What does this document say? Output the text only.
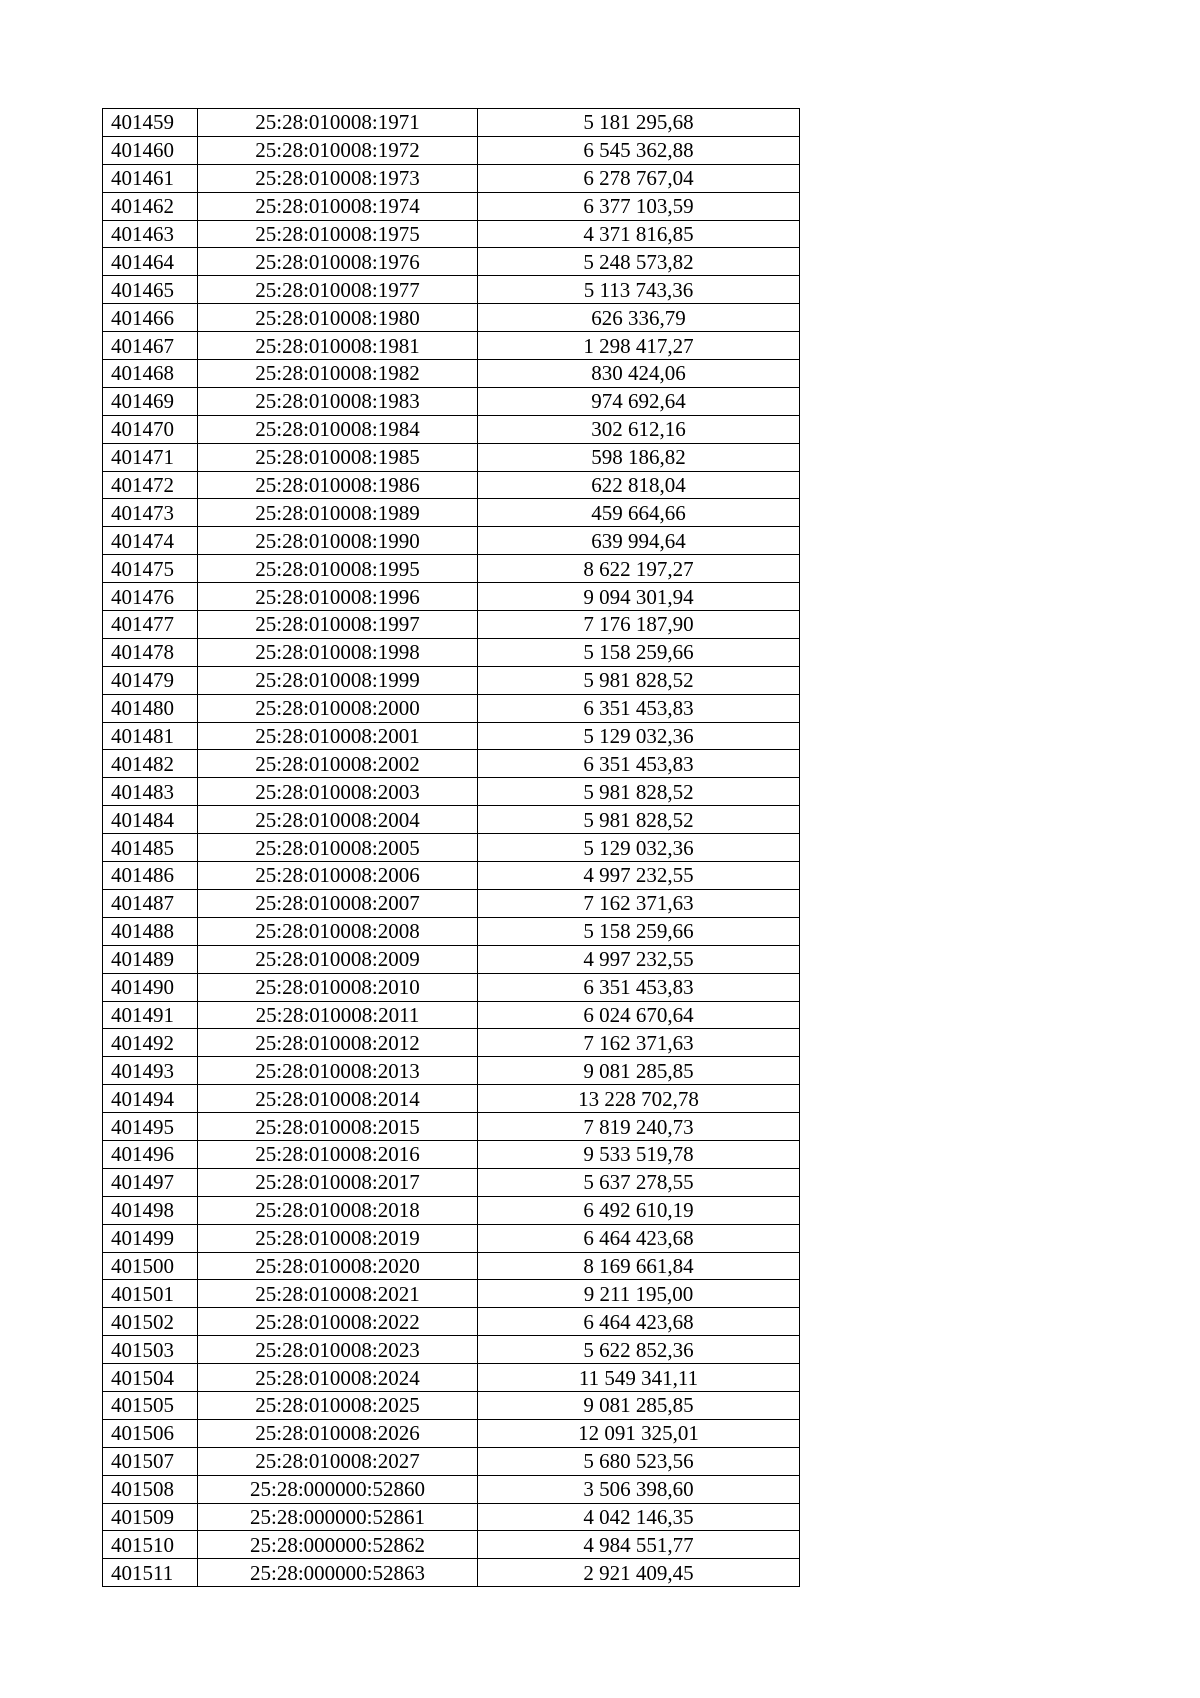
401459	25:28:010008:1971	5 181 295,68
401460	25:28:010008:1972	6 545 362,88
401461	25:28:010008:1973	6 278 767,04
401462	25:28:010008:1974	6 377 103,59
401463	25:28:010008:1975	4 371 816,85
401464	25:28:010008:1976	5 248 573,82
401465	25:28:010008:1977	5 113 743,36
401466	25:28:010008:1980	626 336,79
401467	25:28:010008:1981	1 298 417,27
401468	25:28:010008:1982	830 424,06
401469	25:28:010008:1983	974 692,64
401470	25:28:010008:1984	302 612,16
401471	25:28:010008:1985	598 186,82
401472	25:28:010008:1986	622 818,04
401473	25:28:010008:1989	459 664,66
401474	25:28:010008:1990	639 994,64
401475	25:28:010008:1995	8 622 197,27
401476	25:28:010008:1996	9 094 301,94
401477	25:28:010008:1997	7 176 187,90
401478	25:28:010008:1998	5 158 259,66
401479	25:28:010008:1999	5 981 828,52
401480	25:28:010008:2000	6 351 453,83
401481	25:28:010008:2001	5 129 032,36
401482	25:28:010008:2002	6 351 453,83
401483	25:28:010008:2003	5 981 828,52
401484	25:28:010008:2004	5 981 828,52
401485	25:28:010008:2005	5 129 032,36
401486	25:28:010008:2006	4 997 232,55
401487	25:28:010008:2007	7 162 371,63
401488	25:28:010008:2008	5 158 259,66
401489	25:28:010008:2009	4 997 232,55
401490	25:28:010008:2010	6 351 453,83
401491	25:28:010008:2011	6 024 670,64
401492	25:28:010008:2012	7 162 371,63
401493	25:28:010008:2013	9 081 285,85
401494	25:28:010008:2014	13 228 702,78
401495	25:28:010008:2015	7 819 240,73
401496	25:28:010008:2016	9 533 519,78
401497	25:28:010008:2017	5 637 278,55
401498	25:28:010008:2018	6 492 610,19
401499	25:28:010008:2019	6 464 423,68
401500	25:28:010008:2020	8 169 661,84
401501	25:28:010008:2021	9 211 195,00
401502	25:28:010008:2022	6 464 423,68
401503	25:28:010008:2023	5 622 852,36
401504	25:28:010008:2024	11 549 341,11
401505	25:28:010008:2025	9 081 285,85
401506	25:28:010008:2026	12 091 325,01
401507	25:28:010008:2027	5 680 523,56
401508	25:28:000000:52860	3 506 398,60
401509	25:28:000000:52861	4 042 146,35
401510	25:28:000000:52862	4 984 551,77
401511	25:28:000000:52863	2 921 409,45
